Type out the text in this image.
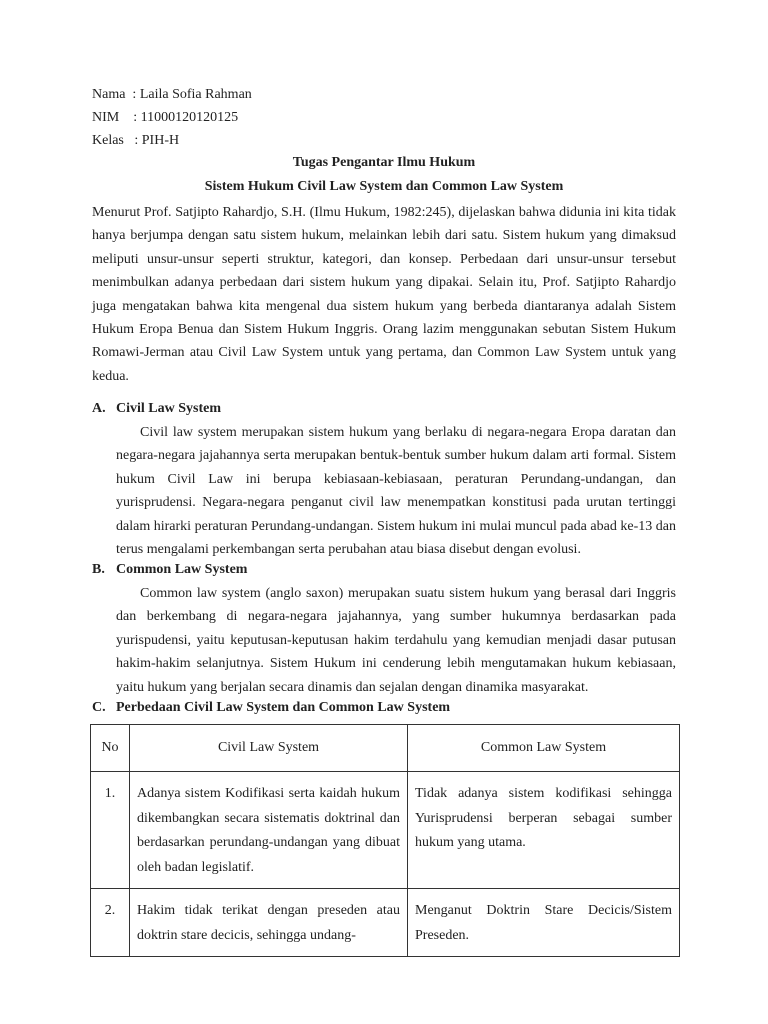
Nama  : Laila Sofia Rahman
NIM    : 11000120120125
Kelas   : PIH-H
Tugas Pengantar Ilmu Hukum
Sistem Hukum Civil Law System dan Common Law System
Menurut Prof. Satjipto Rahardjo, S.H. (Ilmu Hukum, 1982:245), dijelaskan bahwa didunia ini kita tidak hanya berjumpa dengan satu sistem hukum, melainkan lebih dari satu. Sistem hukum yang dimaksud meliputi unsur-unsur seperti struktur, kategori, dan konsep. Perbedaan dari unsur-unsur tersebut menimbulkan adanya perbedaan dari sistem hukum yang dipakai. Selain itu, Prof. Satjipto Rahardjo juga mengatakan bahwa kita mengenal dua sistem hukum yang berbeda diantaranya adalah Sistem Hukum Eropa Benua dan Sistem Hukum Inggris. Orang lazim menggunakan sebutan Sistem Hukum Romawi-Jerman atau Civil Law System untuk yang pertama, dan Common Law System untuk yang kedua.
A. Civil Law System
Civil law system merupakan sistem hukum yang berlaku di negara-negara Eropa daratan dan negara-negara jajahannya serta merupakan bentuk-bentuk sumber hukum dalam arti formal. Sistem hukum Civil Law ini berupa kebiasaan-kebiasaan, peraturan Perundang-undangan, dan yurisprudensi. Negara-negara penganut civil law menempatkan konstitusi pada urutan tertinggi dalam hirarki peraturan Perundang-undangan. Sistem hukum ini mulai muncul pada abad ke-13 dan terus mengalami perkembangan serta perubahan atau biasa disebut dengan evolusi.
B. Common Law System
Common law system (anglo saxon) merupakan suatu sistem hukum yang berasal dari Inggris dan berkembang di negara-negara jajahannya, yang sumber hukumnya berdasarkan pada yurispudensi, yaitu keputusan-keputusan hakim terdahulu yang kemudian menjadi dasar putusan hakim-hakim selanjutnya. Sistem Hukum ini cenderung lebih mengutamakan hukum kebiasaan, yaitu hukum yang berjalan secara dinamis dan sejalan dengan dinamika masyarakat.
C. Perbedaan Civil Law System dan Common Law System
No	Civil Law System	Common Law System
1.	Adanya sistem Kodifikasi serta kaidah hukum dikembangkan secara sistematis doktrinal dan berdasarkan perundang-undangan yang dibuat oleh badan legislatif.	Tidak adanya sistem kodifikasi sehingga Yurisprudensi berperan sebagai sumber hukum yang utama.
2.	Hakim tidak terikat dengan preseden atau doktrin stare decicis, sehingga undang-	Menganut Doktrin Stare Decicis/Sistem Preseden.
